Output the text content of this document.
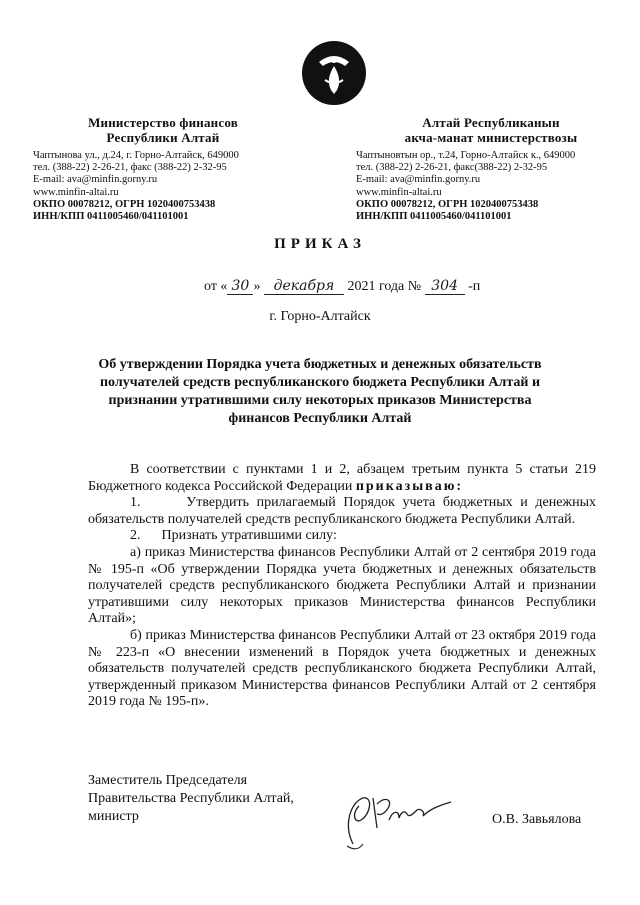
Министерство финансов
Республики Алтай
Чаптынова ул., д.24, г. Горно-Алтайск, 649000
тел. (388-22) 2-26-21, факс (388-22) 2-32-95
E-mail: ava@minfin.gorny.ru
www.minfin-altai.ru
ОКПО 00078212, ОГРН 1020400753438
ИНН/КПП 0411005460/041101001
Алтай Республиканын
акча-манат министерствозы
Чаптыновтын ор., т.24, Горно-Алтайск к., 649000
тел. (388-22) 2-26-21, факс(388-22) 2-32-95
E-mail: ava@minfin.gorny.ru
www.minfin-altai.ru
ОКПО 00078212, ОГРН 1020400753438
ИНН/КПП 0411005460/041101001
ПРИКАЗ
от « 30 » декабря 2021 года № 304 -п
г. Горно-Алтайск
Об утверждении Порядка учета бюджетных и денежных обязательств получателей средств республиканского бюджета Республики Алтай и признании утратившими силу некоторых приказов Министерства финансов Республики Алтай

В соответствии с пунктами 1 и 2, абзацем третьим пункта 5 статьи 219 Бюджетного кодекса Российской Федерации приказываю:

1.      Утвердить прилагаемый Порядок учета бюджетных и денежных обязательств получателей средств республиканского бюджета Республики Алтай.

2.      Признать утратившими силу:

а) приказ Министерства финансов Республики Алтай от 2 сентября 2019 года № 195-п «Об утверждении Порядка учета бюджетных и денежных обязательств получателей средств республиканского бюджета Республики Алтай и признании утратившими силу некоторых приказов Министерства финансов Республики Алтай»;

б) приказ Министерства финансов Республики Алтай от 23 октября 2019 года № 223-п «О внесении изменений в Порядок учета бюджетных и денежных обязательств получателей средств республиканского бюджета Республики Алтай, утвержденный приказом Министерства финансов Республики Алтай от 2 сентября 2019 года № 195-п».

Заместитель Председателя
Правительства Республики Алтай,
министр	О.В. Завьялова
